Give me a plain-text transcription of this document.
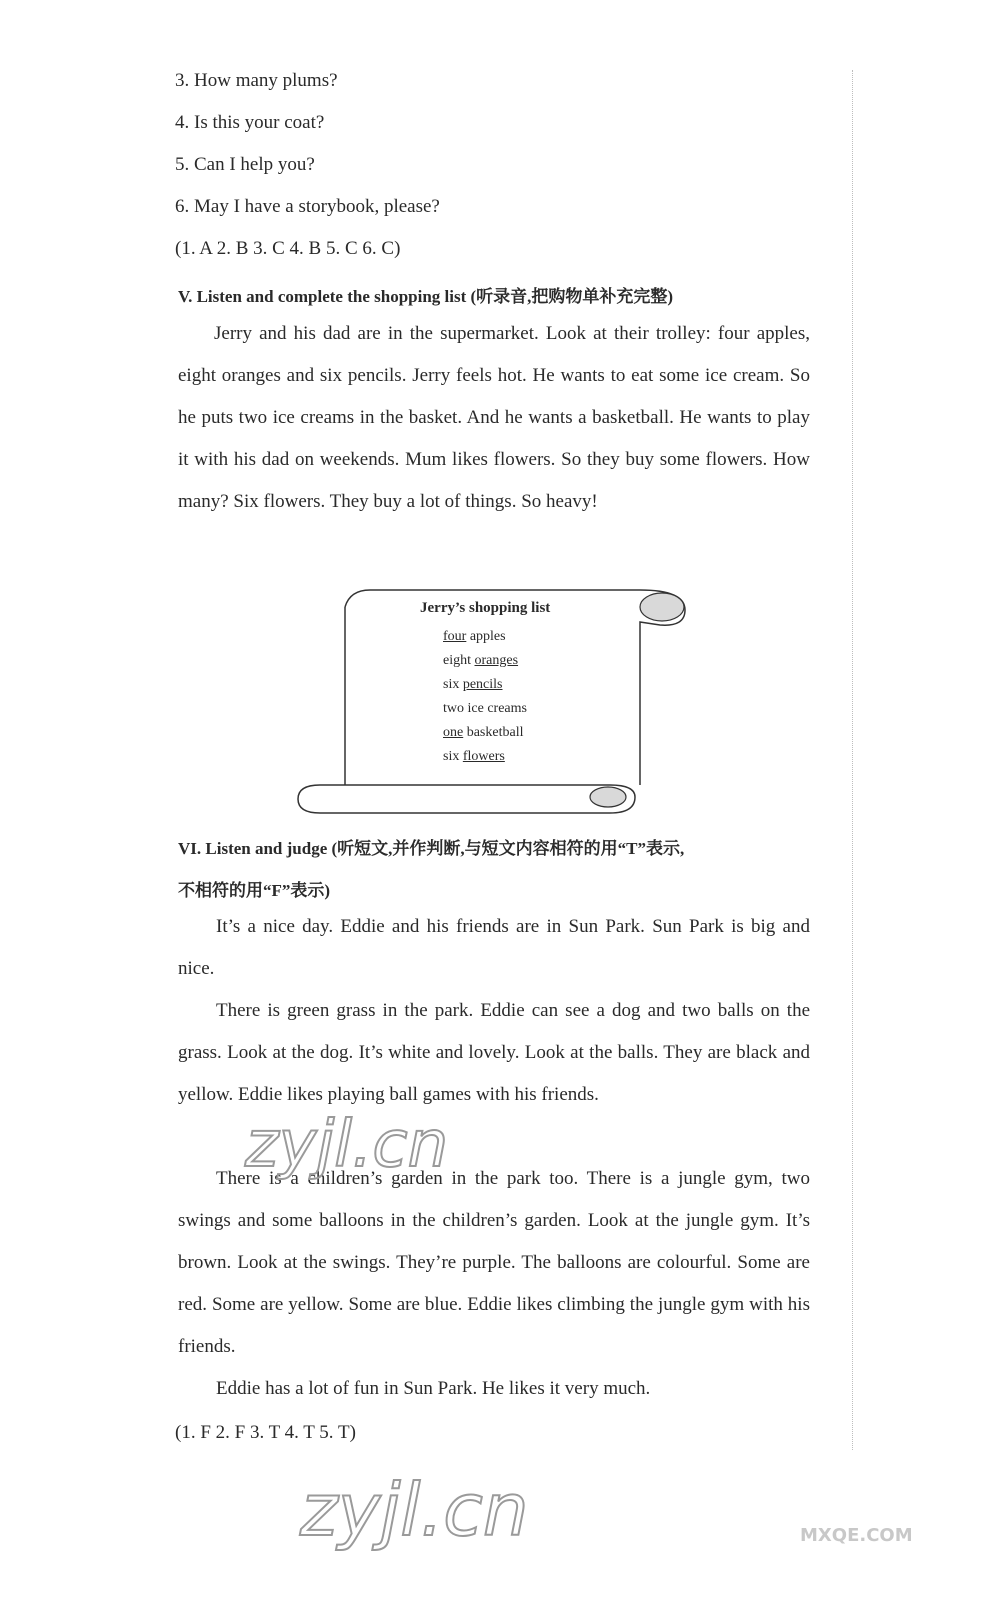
3. How many plums?
4. Is this your coat?
5. Can I help you?
6. May I have a storybook, please?
(1. A 2. B 3. C 4. B 5. C 6. C)
V. Listen and complete the shopping list (听录音,把购物单补充完整)
Jerry and his dad are in the supermarket. Look at their trolley: four apples, eight oranges and six pencils. Jerry feels hot. He wants to eat some ice cream. So he puts two ice creams in the basket. And he wants a basketball. He wants to play it with his dad on weekends. Mum likes flowers. So they buy some flowers. How many? Six flowers. They buy a lot of things. So heavy!
Jerry’s shopping list
four apples
eight oranges
six pencils
two ice creams
one basketball
six flowers
VI. Listen and judge (听短文,并作判断,与短文内容相符的用“T”表示,
不相符的用“F”表示)
It’s a nice day. Eddie and his friends are in Sun Park. Sun Park is big and nice.
There is green grass in the park. Eddie can see a dog and two balls on the grass. Look at the dog. It’s white and lovely. Look at the balls. They are black and yellow. Eddie likes playing ball games with his friends.
There is a children’s garden in the park too. There is a jungle gym, two swings and some balloons in the children’s garden. Look at the jungle gym. It’s brown. Look at the swings. They’re purple. The balloons are colourful. Some are red. Some are yellow. Some are blue. Eddie likes climbing the jungle gym with his friends.
Eddie has a lot of fun in Sun Park. He likes it very much.
(1. F 2. F 3. T 4. T 5. T)
zyjl.cn
zyjl.cn	MXQE.COM
